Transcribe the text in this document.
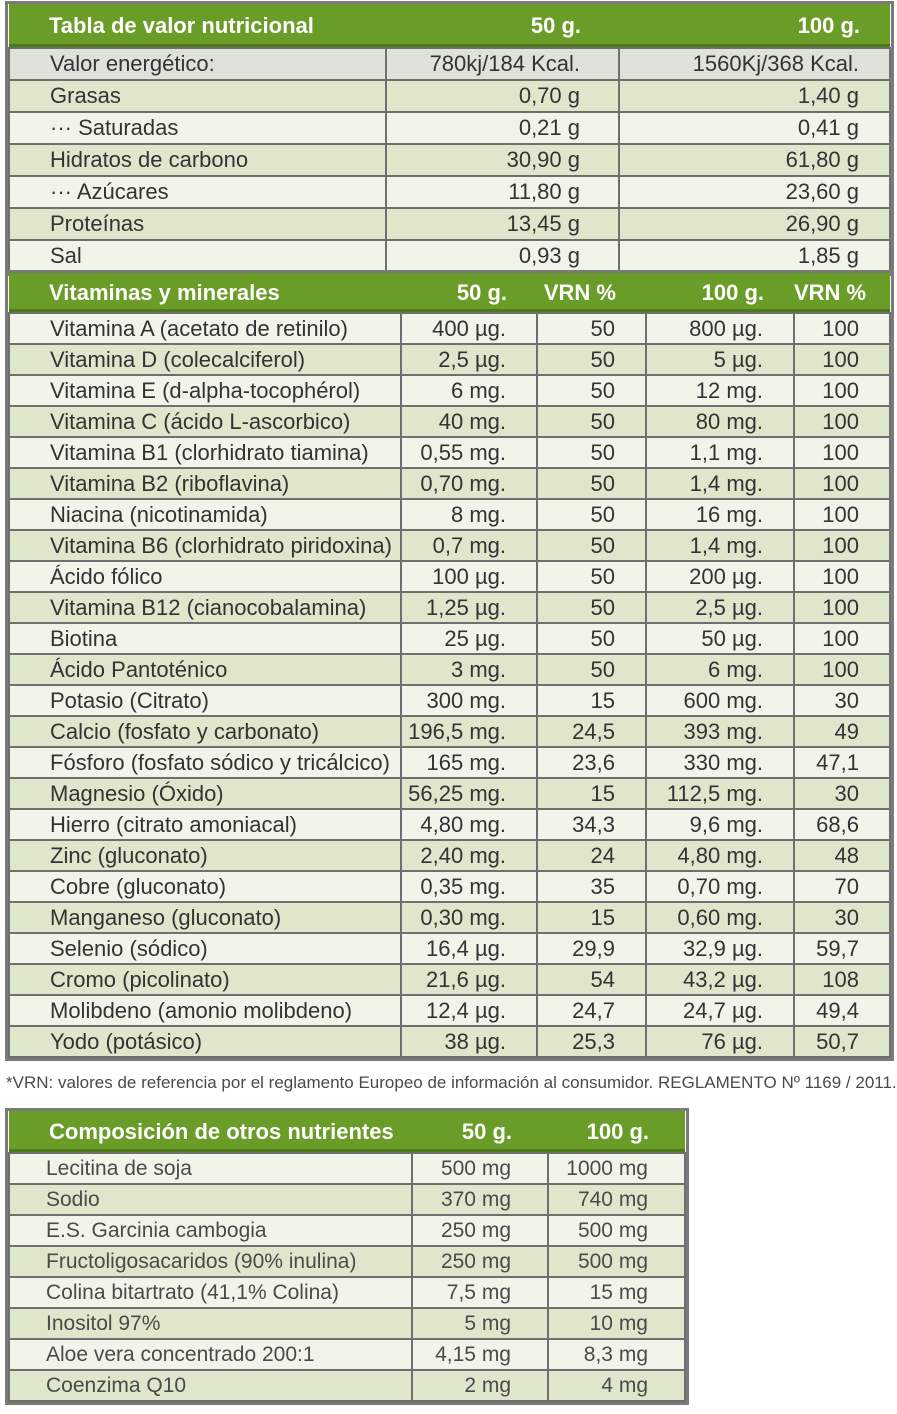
Tabla de valor nutricional	50 g.	100 g.
Valor energético:	780kj/184 Kcal.	1560Kj/368 Kcal.
Grasas	0,70 g	1,40 g
··· Saturadas	0,21 g	0,41 g
Hidratos de carbono	30,90 g	61,80 g
··· Azúcares	11,80 g	23,60 g
Proteínas	13,45 g	26,90 g
Sal	0,93 g	1,85 g
Vitaminas y minerales	50 g.	VRN %	100 g.	VRN %
Vitamina A (acetato de retinilo)	400 µg.	50	800 µg.	100
Vitamina D (colecalciferol)	2,5 µg.	50	5 µg.	100
Vitamina E (d-alpha-tocophérol)	6 mg.	50	12 mg.	100
Vitamina C (ácido L-ascorbico)	40 mg.	50	80 mg.	100
Vitamina B1 (clorhidrato tiamina)	0,55 mg.	50	1,1 mg.	100
Vitamina B2 (riboflavina)	0,70 mg.	50	1,4 mg.	100
Niacina (nicotinamida)	8 mg.	50	16 mg.	100
Vitamina B6 (clorhidrato piridoxina)	0,7 mg.	50	1,4 mg.	100
Ácido fólico	100 µg.	50	200 µg.	100
Vitamina B12 (cianocobalamina)	1,25 µg.	50	2,5 µg.	100
Biotina	25 µg.	50	50 µg.	100
Ácido Pantoténico	3 mg.	50	6 mg.	100
Potasio (Citrato)	300 mg.	15	600 mg.	30
Calcio (fosfato y carbonato)	196,5 mg.	24,5	393 mg.	49
Fósforo (fosfato sódico y tricálcico)	165 mg.	23,6	330 mg.	47,1
Magnesio (Óxido)	56,25 mg.	15	112,5 mg.	30
Hierro (citrato amoniacal)	4,80 mg.	34,3	9,6 mg.	68,6
Zinc (gluconato)	2,40 mg.	24	4,80 mg.	48
Cobre (gluconato)	0,35 mg.	35	0,70 mg.	70
Manganeso (gluconato)	0,30 mg.	15	0,60 mg.	30
Selenio (sódico)	16,4 µg.	29,9	32,9 µg.	59,7
Cromo (picolinato)	21,6 µg.	54	43,2 µg.	108
Molibdeno (amonio molibdeno)	12,4 µg.	24,7	24,7 µg.	49,4
Yodo (potásico)	38 µg.	25,3	76 µg.	50,7
*VRN: valores de referencia por el reglamento Europeo de información al consumidor. REGLAMENTO Nº 1169 / 2011.
Composición de otros nutrientes	50 g.	100 g.
Lecitina de soja	500 mg	1000 mg
Sodio	370 mg	740 mg
E.S. Garcinia cambogia	250 mg	500 mg
Fructoligosacaridos (90% inulina)	250 mg	500 mg
Colina bitartrato (41,1% Colina)	7,5 mg	15 mg
Inositol 97%	5 mg	10 mg
Aloe vera concentrado 200:1	4,15 mg	8,3 mg
Coenzima Q10	2 mg	4 mg
